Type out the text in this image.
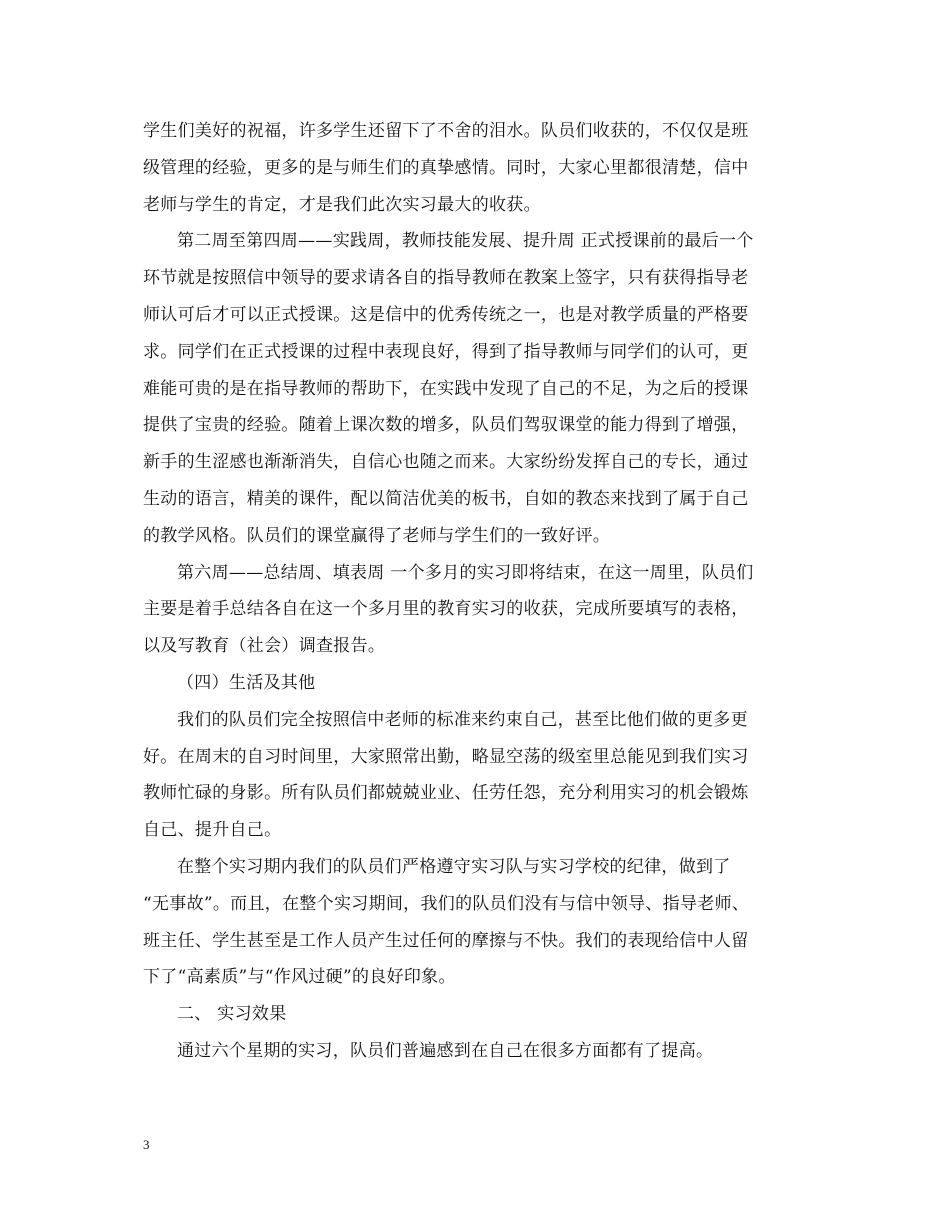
学生们美好的祝福，许多学生还留下了不舍的泪水。队员们收获的，不仅仅是班
级管理的经验，更多的是与师生们的真挚感情。同时，大家心里都很清楚，信中
老师与学生的肯定，才是我们此次实习最大的收获。

第二周至第四周——实践周，教师技能发展、提升周 正式授课前的最后一个
环节就是按照信中领导的要求请各自的指导教师在教案上签字，只有获得指导老
师认可后才可以正式授课。这是信中的优秀传统之一，也是对教学质量的严格要
求。同学们在正式授课的过程中表现良好，得到了指导教师与同学们的认可，更
难能可贵的是在指导教师的帮助下，在实践中发现了自己的不足，为之后的授课
提供了宝贵的经验。随着上课次数的增多，队员们驾驭课堂的能力得到了增强，
新手的生涩感也渐渐消失，自信心也随之而来。大家纷纷发挥自己的专长，通过
生动的语言，精美的课件，配以简洁优美的板书，自如的教态来找到了属于自己
的教学风格。队员们的课堂赢得了老师与学生们的一致好评。

第六周——总结周、填表周 一个多月的实习即将结束，在这一周里，队员们
主要是着手总结各自在这一个多月里的教育实习的收获，完成所要填写的表格，
以及写教育（社会）调查报告。

（四）生活及其他

我们的队员们完全按照信中老师的标准来约束自己，甚至比他们做的更多更
好。在周末的自习时间里，大家照常出勤，略显空荡的级室里总能见到我们实习
教师忙碌的身影。所有队员们都兢兢业业、任劳任怨，充分利用实习的机会锻炼
自己、提升自己。

在整个实习期内我们的队员们严格遵守实习队与实习学校的纪律，做到了
“无事故”。而且，在整个实习期间，我们的队员们没有与信中领导、指导老师、
班主任、学生甚至是工作人员产生过任何的摩擦与不快。我们的表现给信中人留
下了“高素质”与“作风过硬”的良好印象。

二、 实习效果

通过六个星期的实习，队员们普遍感到在自己在很多方面都有了提高。

3
